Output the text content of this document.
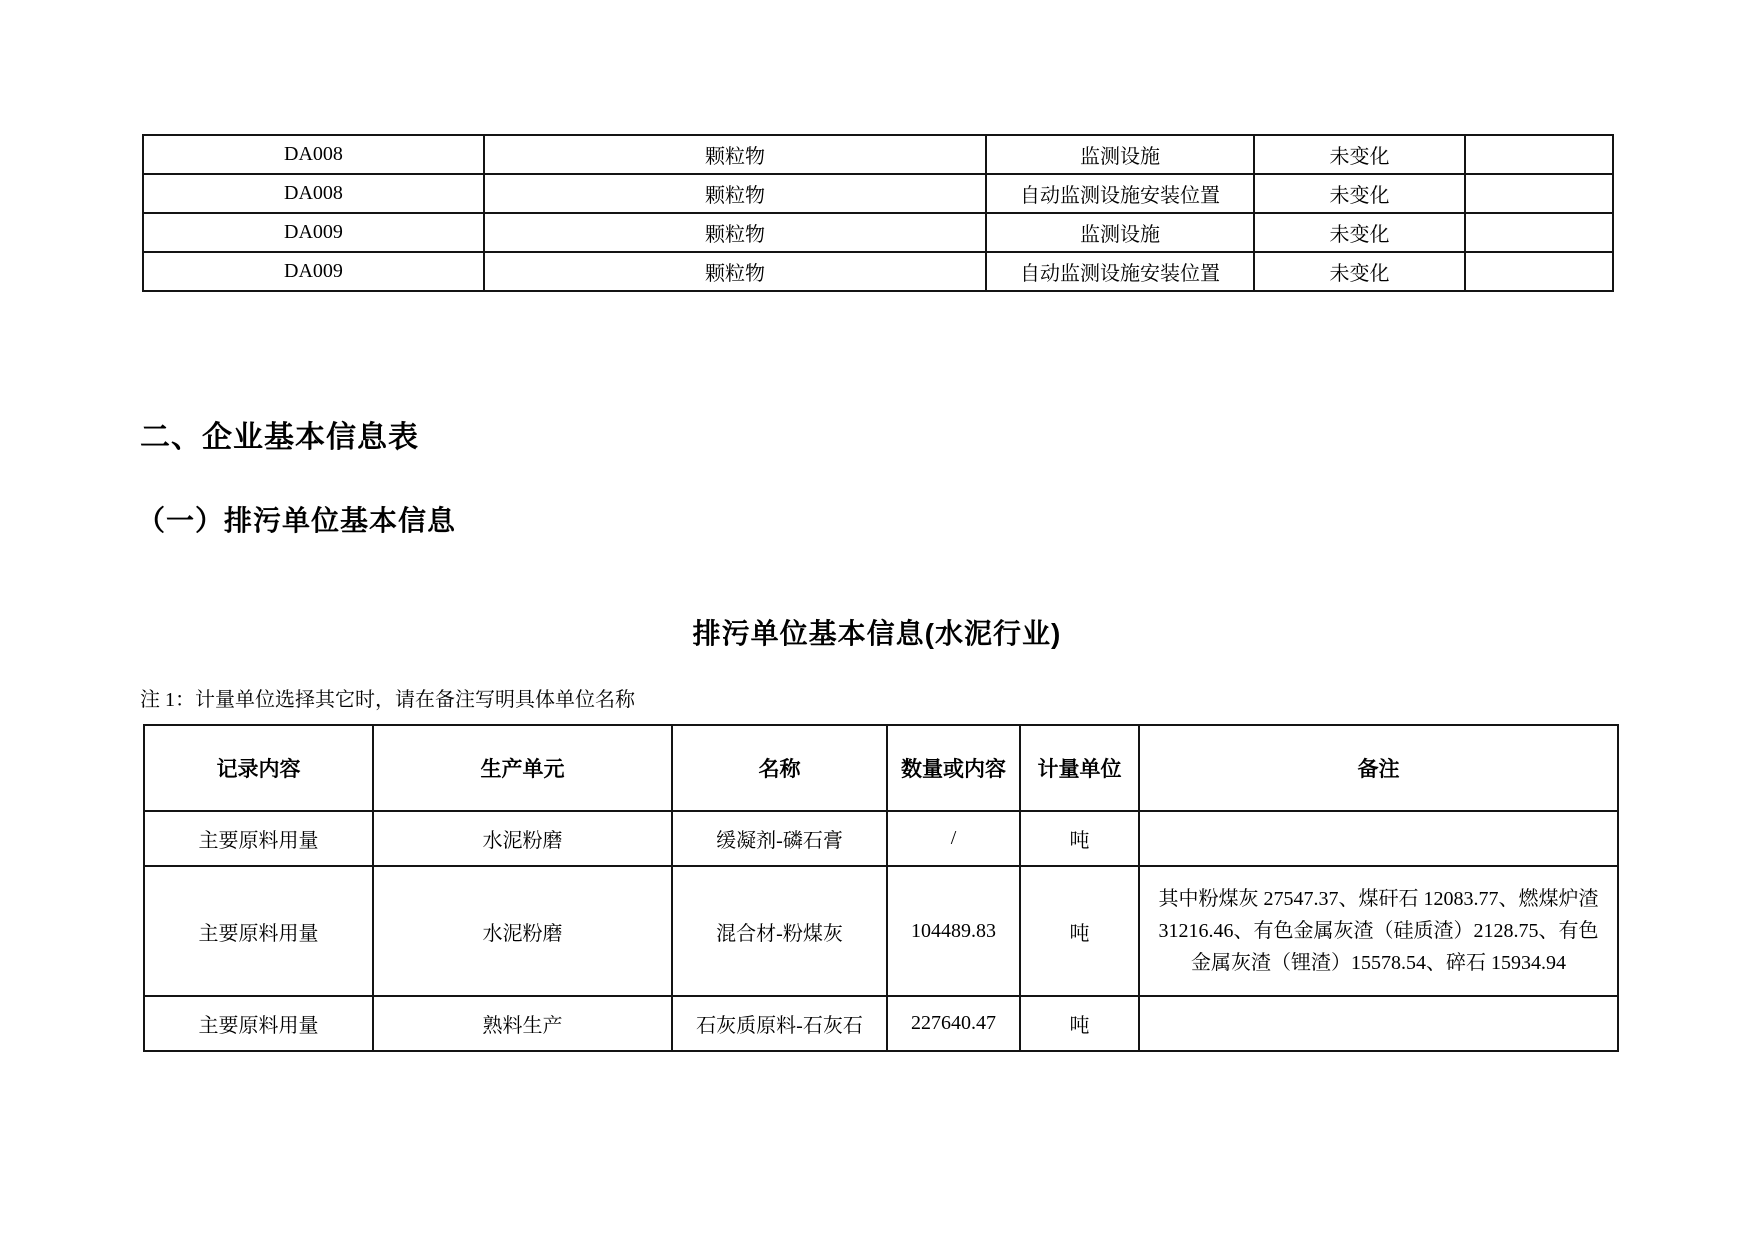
DA008	颗粒物	监测设施	未变化	
DA008	颗粒物	自动监测设施安装位置	未变化	
DA009	颗粒物	监测设施	未变化	
DA009	颗粒物	自动监测设施安装位置	未变化	
二、企业基本信息表
（一）排污单位基本信息
排污单位基本信息(水泥行业)
注 1：计量单位选择其它时，请在备注写明具体单位名称
记录内容	生产单元	名称	数量或内容	计量单位	备注
主要原料用量	水泥粉磨	缓凝剂-磷石膏	/	吨	
主要原料用量	水泥粉磨	混合材-粉煤灰	104489.83	吨	其中粉煤灰 27547.37、煤矸石 12083.77、燃煤炉渣 31216.46、有色金属灰渣（硅质渣）2128.75、有色金属灰渣（锂渣）15578.54、碎石 15934.94
主要原料用量	熟料生产	石灰质原料-石灰石	227640.47	吨	
